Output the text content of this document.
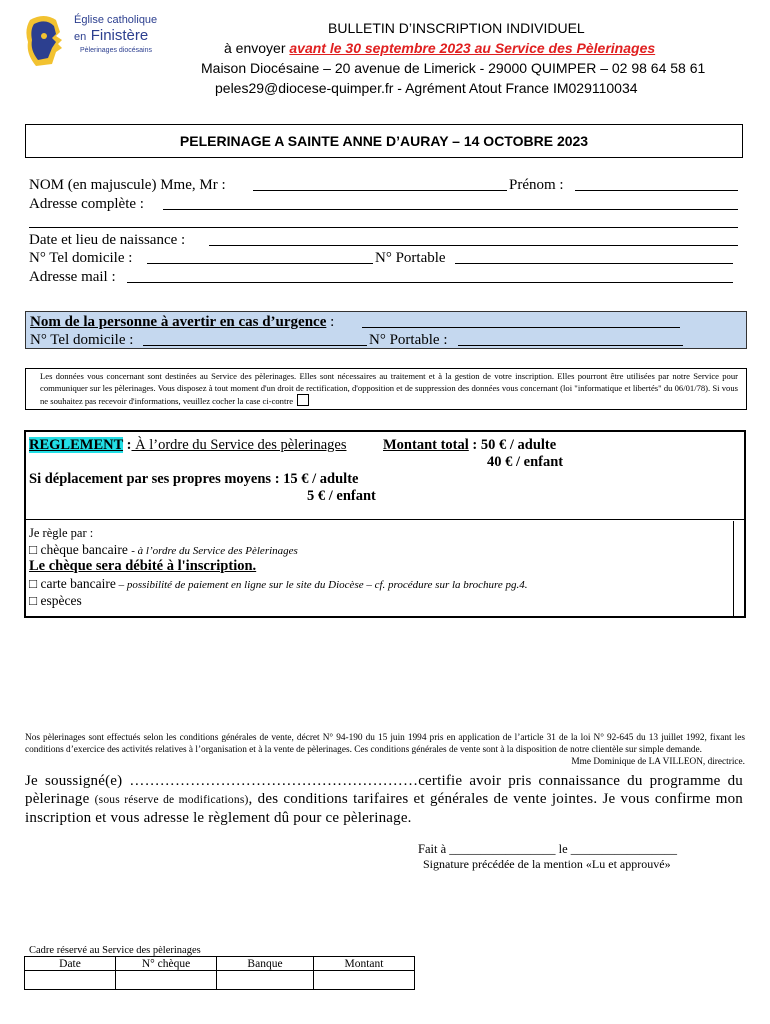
Église catholique
en Finistère
Pèlerinages diocésains
BULLETIN D’INSCRIPTION INDIVIDUEL
à envoyer avant le 30 septembre 2023 au Service des Pèlerinages
Maison Diocésaine – 20 avenue de Limerick - 29000 QUIMPER – 02 98 64 58 61
peles29@diocese-quimper.fr - Agrément Atout France IM029110034
PELERINAGE A SAINTE ANNE D’AURAY – 14 OCTOBRE 2023
NOM (en majuscule) Mme, Mr :	Prénom :
Adresse complète :
Date et lieu de naissance :
N° Tel domicile :	N° Portable
Adresse mail :
Nom de la personne à avertir en cas d’urgence :
N° Tel domicile :	N° Portable :
Les données vous concernant sont destinées au Service des pèlerinages. Elles sont nécessaires au traitement et à la gestion de votre inscription. Elles pourront être utilisées par notre Service pour communiquer sur les pèlerinages. Vous disposez à tout moment d'un droit de rectification, d'opposition et de suppression des données vous concernant (loi "informatique et libertés" du 06/01/78). Si vous ne souhaitez pas recevoir d'informations, veuillez cocher la case ci-contre
REGLEMENT : À l’ordre du Service des pèlerinages	Montant total : 50 € / adulte
40 € / enfant
Si déplacement par ses propres moyens : 15 € / adulte
5 € / enfant
Je règle par :
□ chèque bancaire - à l’ordre du Service des Pèlerinages
Le chèque sera débité à l'inscription.
□ carte bancaire – possibilité de paiement en ligne sur le site du Diocèse – cf. procédure sur la brochure pg.4.
□ espèces
Nos pèlerinages sont effectués selon les conditions générales de vente, décret N° 94-190 du 15 juin 1994 pris en application de l’article 31 de la loi N° 92-645 du 13 juillet 1992, fixant les conditions d’exercice des activités relatives à l’organisation et à la vente de pèlerinages. Ces conditions générales de vente sont à la disposition de notre clientèle sur simple demande.
Mme Dominique de LA VILLEON, directrice.
Je soussigné(e) …………………………………………………certifie avoir pris connaissance du programme du pèlerinage (sous réserve de modifications), des conditions tarifaires et générales de vente jointes. Je vous confirme mon inscription et vous adresse le règlement dû pour ce pèlerinage.
Fait à _________________ le _________________
Signature précédée de la mention «Lu et approuvé»
Cadre réservé au Service des pèlerinages
Date	N° chèque	Banque	Montant
